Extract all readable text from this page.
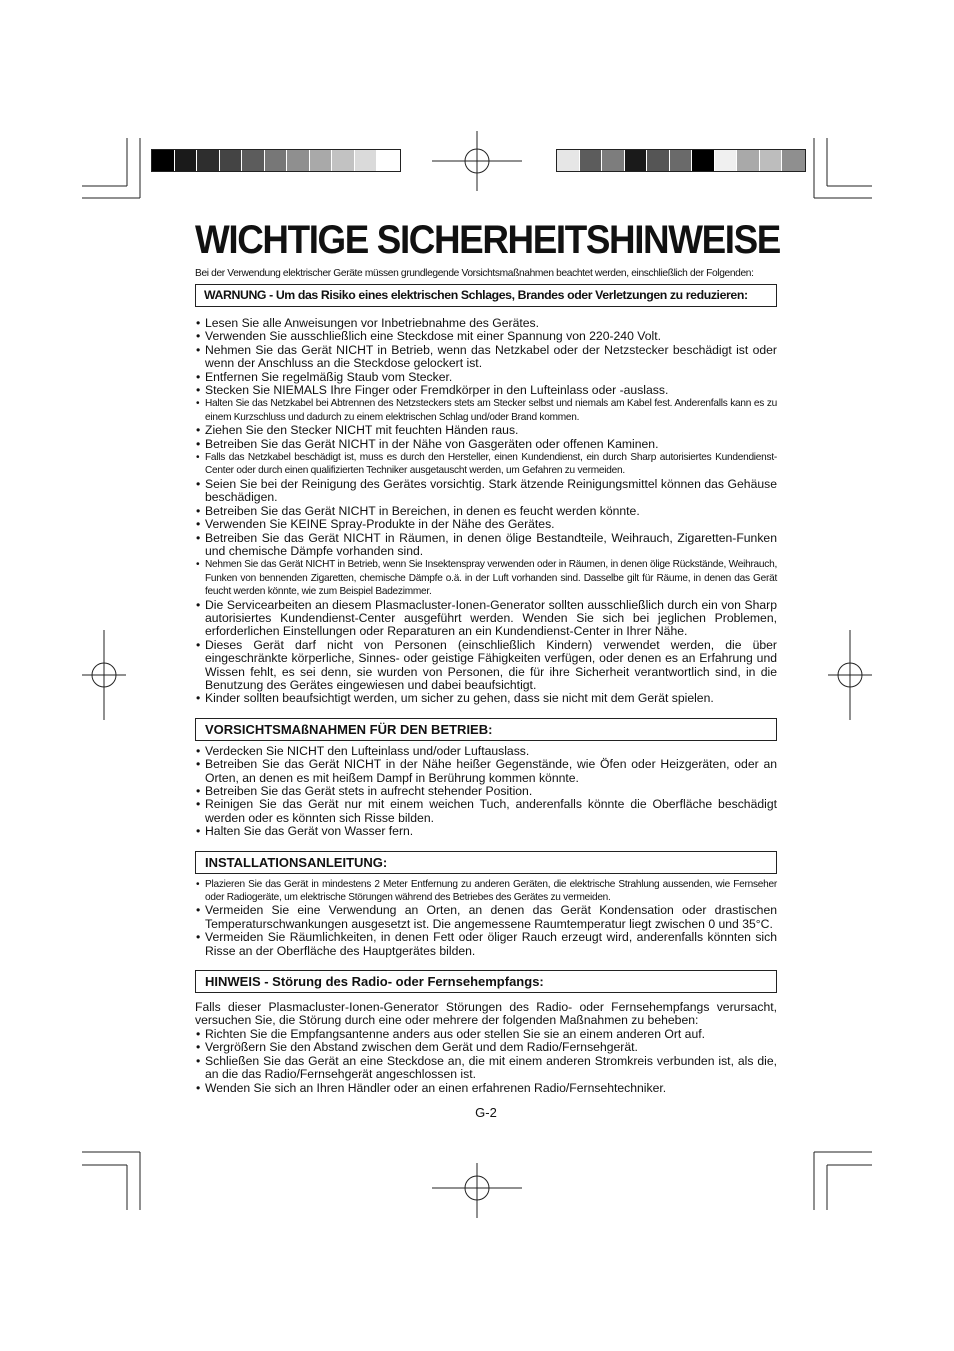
WICHTIGE SICHERHEITSHINWEISE

Bei der Verwendung elektrischer Geräte müssen grundlegende Vorsichtsmaßnahmen beachtet werden, einschließlich der Folgenden:

WARNUNG - Um das Risiko eines elektrischen Schlages, Brandes oder Verletzungen zu reduzieren:
• Lesen Sie alle Anweisungen vor Inbetriebnahme des Gerätes.
• Verwenden Sie ausschließlich eine Steckdose mit einer Spannung von 220-240 Volt.
• Nehmen Sie das Gerät NICHT in Betrieb, wenn das Netzkabel oder der Netzstecker beschädigt ist oder wenn der Anschluss an die Steckdose gelockert ist.
• Entfernen Sie regelmäßig Staub vom Stecker.
• Stecken Sie NIEMALS Ihre Finger oder Fremdkörper in den Lufteinlass oder -auslass.
• Halten Sie das Netzkabel bei Abtrennen des Netzsteckers stets am Stecker selbst und niemals am Kabel fest. Anderenfalls kann es zu einem Kurzschluss und dadurch zu einem elektrischen Schlag und/oder Brand kommen.
• Ziehen Sie den Stecker NICHT mit feuchten Händen raus.
• Betreiben Sie das Gerät NICHT in der Nähe von Gasgeräten oder offenen Kaminen.
• Falls das Netzkabel beschädigt ist, muss es durch den Hersteller, einen Kundendienst, ein durch Sharp autorisiertes Kundendienst-Center oder durch einen qualifizierten Techniker ausgetauscht werden, um Gefahren zu vermeiden.
• Seien Sie bei der Reinigung des Gerätes vorsichtig. Stark ätzende Reinigungsmittel können das Gehäuse beschädigen.
• Betreiben Sie das Gerät NICHT in Bereichen, in denen es feucht werden könnte.
• Verwenden Sie KEINE Spray-Produkte in der Nähe des Gerätes.
• Betreiben Sie das Gerät NICHT in Räumen, in denen ölige Bestandteile, Weihrauch, Zigaretten-Funken und chemische Dämpfe vorhanden sind.
• Nehmen Sie das Gerät NICHT in Betrieb, wenn Sie Insektenspray verwenden oder in Räumen, in denen ölige Rückstände, Weihrauch, Funken von bennenden Zigaretten, chemische Dämpfe o.ä. in der Luft vorhanden sind. Dasselbe gilt für Räume, in denen das Gerät feucht werden könnte, wie zum Beispiel Badezimmer.
• Die Servicearbeiten an diesem Plasmacluster-Ionen-Generator sollten ausschließlich durch ein von Sharp autorisiertes Kundendienst-Center ausgeführt werden. Wenden Sie sich bei jeglichen Problemen, erforderlichen Einstellungen oder Reparaturen an ein Kundendienst-Center in Ihrer Nähe.
• Dieses Gerät darf nicht von Personen (einschließlich Kindern) verwendet werden, die über eingeschränkte körperliche, Sinnes- oder geistige Fähigkeiten verfügen, oder denen es an Erfahrung und Wissen fehlt, es sei denn, sie wurden von Personen, die für ihre Sicherheit verantwortlich sind, in die Benutzung des Gerätes eingewiesen und dabei beaufsichtigt.
• Kinder sollten beaufsichtigt werden, um sicher zu gehen, dass sie nicht mit dem Gerät spielen.
VORSICHTSMAßNAHMEN FÜR DEN BETRIEB:
• Verdecken Sie NICHT den Lufteinlass und/oder Luftauslass.
• Betreiben Sie das Gerät NICHT in der Nähe heißer Gegenstände, wie Öfen oder Heizgeräten, oder an Orten, an denen es mit heißem Dampf in Berührung kommen könnte.
• Betreiben Sie das Gerät stets in aufrecht stehender Position.
• Reinigen Sie das Gerät nur mit einem weichen Tuch, anderenfalls könnte die Oberfläche beschädigt werden oder es könnten sich Risse bilden.
• Halten Sie das Gerät von Wasser fern.
INSTALLATIONSANLEITUNG:
• Plazieren Sie das Gerät in mindestens 2 Meter Entfernung zu anderen Geräten, die elektrische Strahlung aussenden, wie Fernseher oder Radiogeräte, um elektrische Störungen während des Betriebes des Gerätes zu vermeiden.
• Vermeiden Sie eine Verwendung an Orten, an denen das Gerät Kondensation oder drastischen Temperaturschwankungen ausgesetzt ist. Die angemessene Raumtemperatur liegt zwischen 0 und 35°C.
• Vermeiden Sie Räumlichkeiten, in denen Fett oder öliger Rauch erzeugt wird, anderenfalls könnten sich Risse an der Oberfläche des Hauptgerätes bilden.
HINWEIS - Störung des Radio- oder Fernsehempfangs:

Falls dieser Plasmacluster-Ionen-Generator Störungen des Radio- oder Fernsehempfangs verursacht, versuchen Sie, die Störung durch eine oder mehrere der folgenden Maßnahmen zu beheben:

• Richten Sie die Empfangsantenne anders aus oder stellen Sie sie an einem anderen Ort auf.
• Vergrößern Sie den Abstand zwischen dem Gerät und dem Radio/Fernsehgerät.
• Schließen Sie das Gerät an eine Steckdose an, die mit einem anderen Stromkreis verbunden ist, als die, an die das Radio/Fernsehgerät angeschlossen ist.
• Wenden Sie sich an Ihren Händler oder an einen erfahrenen Radio/Fernsehtechniker.
G-2
